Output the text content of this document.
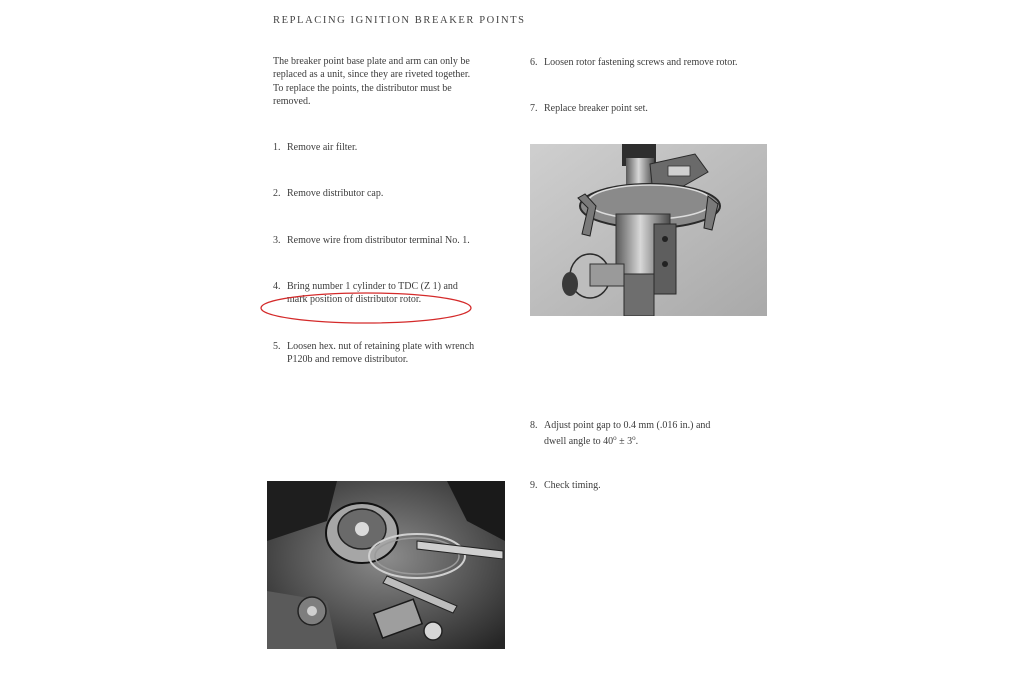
REPLACING IGNITION BREAKER POINTS
The breaker point base plate and arm can only be
replaced as a unit, since they are riveted together.
To replace the points, the distributor must be
removed.
1. Remove air filter.
2. Remove distributor cap.
3. Remove wire from distributor terminal No. 1.
4. Bring number 1 cylinder to TDC (Z 1) and
mark position of distributor rotor.
5. Loosen hex. nut of retaining plate with wrench
P120b and remove distributor.
6. Loosen rotor fastening screws and remove rotor.
7. Replace breaker point set.
8. Adjust point gap to 0.4 mm (.016 in.) and
dwell angle to $40^o \pm 3^o$.
9. Check timing.
